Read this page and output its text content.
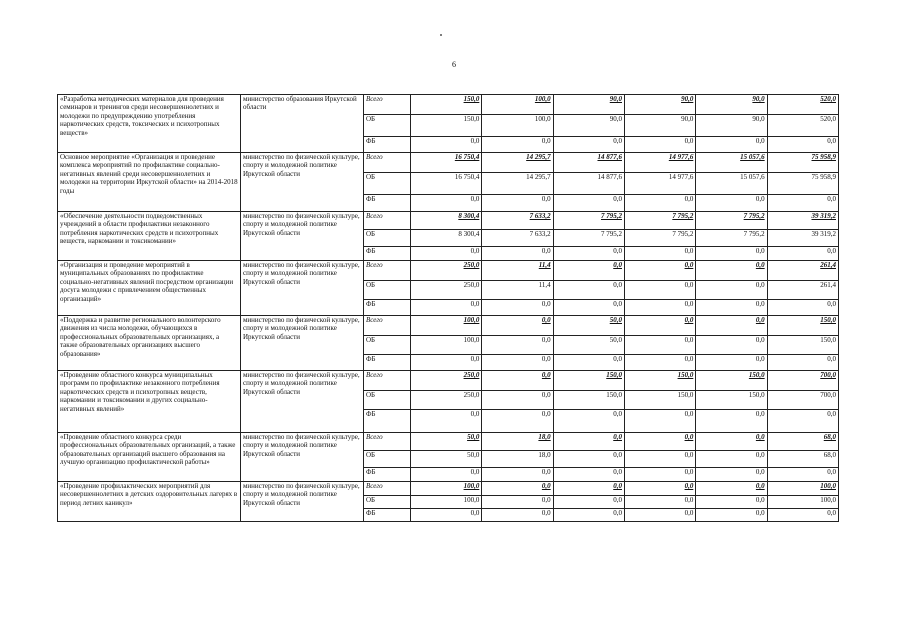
6
«Разработка методических материалов для проведения семинаров и тренингов среди несовершеннолетних и молодежи по предупреждению употребления наркотических средств, токсических и психотропных веществ»	министерство образования Иркутской области	Всего	150,0	100,0	90,0	90,0	90,0	520,0
		ОБ	150,0	100,0	90,0	90,0	90,0	520,0
		ФБ	0,0	0,0	0,0	0,0	0,0	0,0
Основное мероприятие «Организация и проведение комплекса мероприятий по профилактике социально-негативных явлений среди несовершеннолетних и молодежи на территории Иркутской области» на 2014-2018 годы	министерство по физической культуре, спорту и молодежной политике Иркутской области	Всего	16 750,4	14 295,7	14 877,6	14 977,6	15 057,6	75 958,9
		ОБ	16 750,4	14 295,7	14 877,6	14 977,6	15 057,6	75 958,9
		ФБ	0,0	0,0	0,0	0,0	0,0	0,0
«Обеспечение деятельности подведомственных учреждений в области профилактики незаконного потребления наркотических средств и психотропных веществ, наркомании и токсикомании»	министерство по физической культуре, спорту и молодежной политике Иркутской области	Всего	8 300,4	7 633,2	7 795,2	7 795,2	7 795,2	39 319,2
		ОБ	8 300,4	7 633,2	7 795,2	7 795,2	7 795,2	39 319,2
		ФБ	0,0	0,0	0,0	0,0	0,0	0,0
«Организация и проведение мероприятий в муниципальных образованиях по профилактике социально-негативных явлений посредством организации досуга молодежи с привлечением общественных организаций»	министерство по физической культуре, спорту и молодежной политике Иркутской области	Всего	250,0	11,4	0,0	0,0	0,0	261,4
		ОБ	250,0	11,4	0,0	0,0	0,0	261,4
		ФБ	0,0	0,0	0,0	0,0	0,0	0,0
«Поддержка и развитие регионального волонтерского движения из числа молодежи, обучающихся в профессиональных образовательных организациях, а также образовательных организациях высшего образования»	министерство по физической культуре, спорту и молодежной политике Иркутской области	Всего	100,0	0,0	50,0	0,0	0,0	150,0
		ОБ	100,0	0,0	50,0	0,0	0,0	150,0
		ФБ	0,0	0,0	0,0	0,0	0,0	0,0
«Проведение областного конкурса муниципальных программ по профилактике незаконного потребления наркотических средств и психотропных веществ, наркомании и токсикомании и других социально-негативных явлений»	министерство по физической культуре, спорту и молодежной политике Иркутской области	Всего	250,0	0,0	150,0	150,0	150,0	700,0
		ОБ	250,0	0,0	150,0	150,0	150,0	700,0
		ФБ	0,0	0,0	0,0	0,0	0,0	0,0
«Проведение областного конкурса среди профессиональных образовательных организаций, а также образовательных организаций высшего образования на лучшую организацию профилактической работы»	министерство по физической культуре, спорту и молодежной политике Иркутской области	Всего	50,0	18,0	0,0	0,0	0,0	68,0
		ОБ	50,0	18,0	0,0	0,0	0,0	68,0
		ФБ	0,0	0,0	0,0	0,0	0,0	0,0
«Проведение профилактических мероприятий для несовершеннолетних в детских оздоровительных лагерях в период летних каникул»	министерство по физической культуре, спорту и молодежной политике Иркутской области	Всего	100,0	0,0	0,0	0,0	0,0	100,0
		ОБ	100,0	0,0	0,0	0,0	0,0	100,0
		ФБ	0,0	0,0	0,0	0,0	0,0	0,0
